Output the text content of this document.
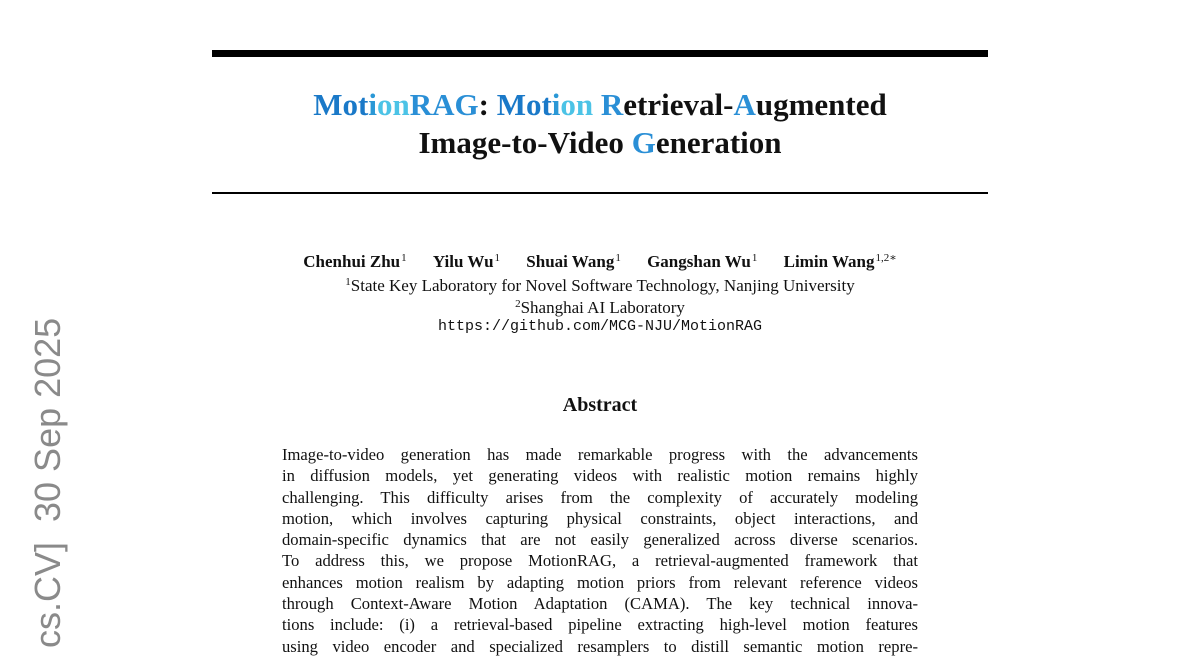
MotionRAG: Motion Retrieval-Augmented
Image-to-Video Generation
Chenhui Zhu$^1$ Yilu Wu$^1$ Shuai Wang$^1$ Gangshan Wu$^1$ Limin Wang$^{1,2∗}$
$^1$State Key Laboratory for Novel Software Technology, Nanjing University
$^2$Shanghai AI Laboratory
https://github.com/MCG-NJU/MotionRAG
Abstract
Image-to-video generation has made remarkable progress with the advancements
in diffusion models, yet generating videos with realistic motion remains highly
challenging. This difficulty arises from the complexity of accurately modeling
motion, which involves capturing physical constraints, object interactions, and
domain-specific dynamics that are not easily generalized across diverse scenarios.
To address this, we propose MotionRAG, a retrieval-augmented framework that
enhances motion realism by adapting motion priors from relevant reference videos
through Context-Aware Motion Adaptation (CAMA). The key technical innova-
tions include: (i) a retrieval-based pipeline extracting high-level motion features
using video encoder and specialized resamplers to distill semantic motion repre-
cs.CV]  30 Sep 2025
